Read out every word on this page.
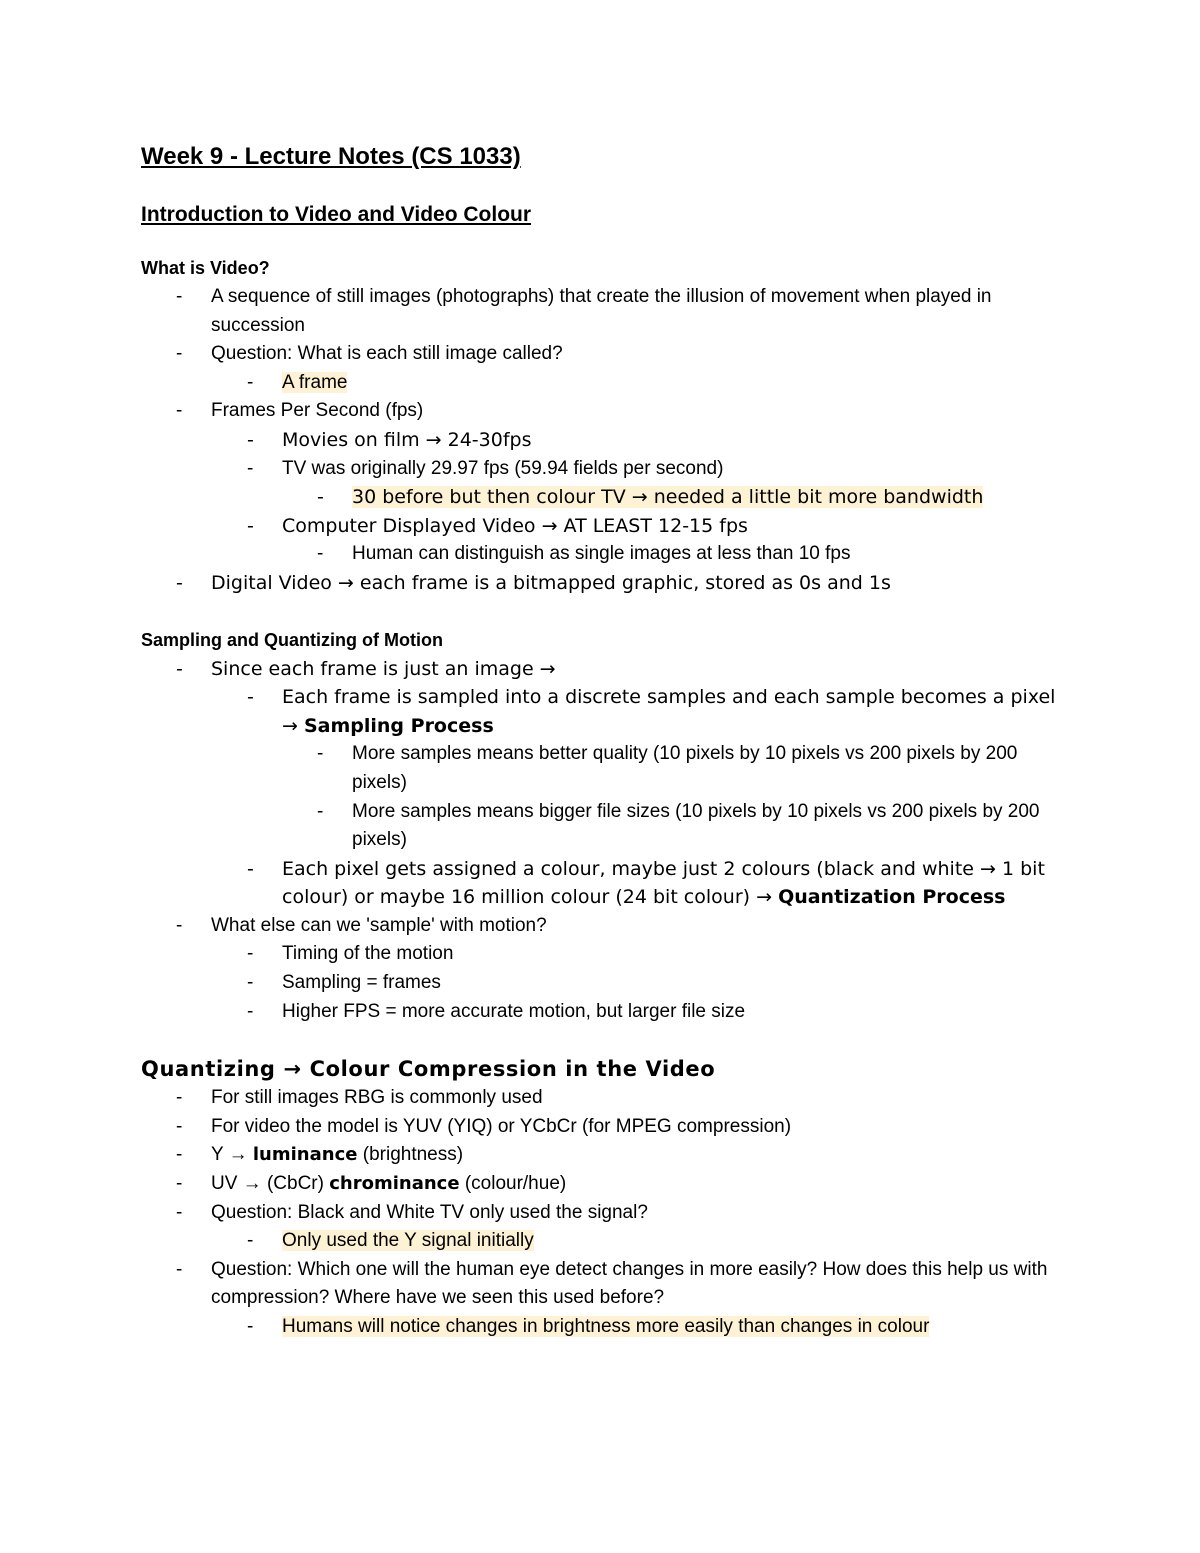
Week 9 - Lecture Notes (CS 1033)
Introduction to Video and Video Colour
What is Video?
- A sequence of still images (photographs) that create the illusion of movement when played in succession
- Question: What is each still image called?
- A frame
- Frames Per Second (fps)
- Movies on film → 24-30fps
- TV was originally 29.97 fps (59.94 fields per second)
- 30 before but then colour TV → needed a little bit more bandwidth
- Computer Displayed Video → AT LEAST 12-15 fps
- Human can distinguish as single images at less than 10 fps
- Digital Video → each frame is a bitmapped graphic, stored as 0s and 1s
Sampling and Quantizing of Motion
- Since each frame is just an image →
- Each frame is sampled into a discrete samples and each sample becomes a pixel → Sampling Process
- More samples means better quality (10 pixels by 10 pixels vs 200 pixels by 200 pixels)
- More samples means bigger file sizes (10 pixels by 10 pixels vs 200 pixels by 200 pixels)
- Each pixel gets assigned a colour, maybe just 2 colours (black and white → 1 bit colour) or maybe 16 million colour (24 bit colour) → Quantization Process
- What else can we 'sample' with motion?
- Timing of the motion
- Sampling = frames
- Higher FPS = more accurate motion, but larger file size
Quantizing → Colour Compression in the Video
- For still images RBG is commonly used
- For video the model is YUV (YIQ) or YCbCr (for MPEG compression)
- Y → luminance (brightness)
- UV → (CbCr) chrominance (colour/hue)
- Question: Black and White TV only used the signal?
- Only used the Y signal initially
- Question: Which one will the human eye detect changes in more easily? How does this help us with compression? Where have we seen this used before?
- Humans will notice changes in brightness more easily than changes in colour
